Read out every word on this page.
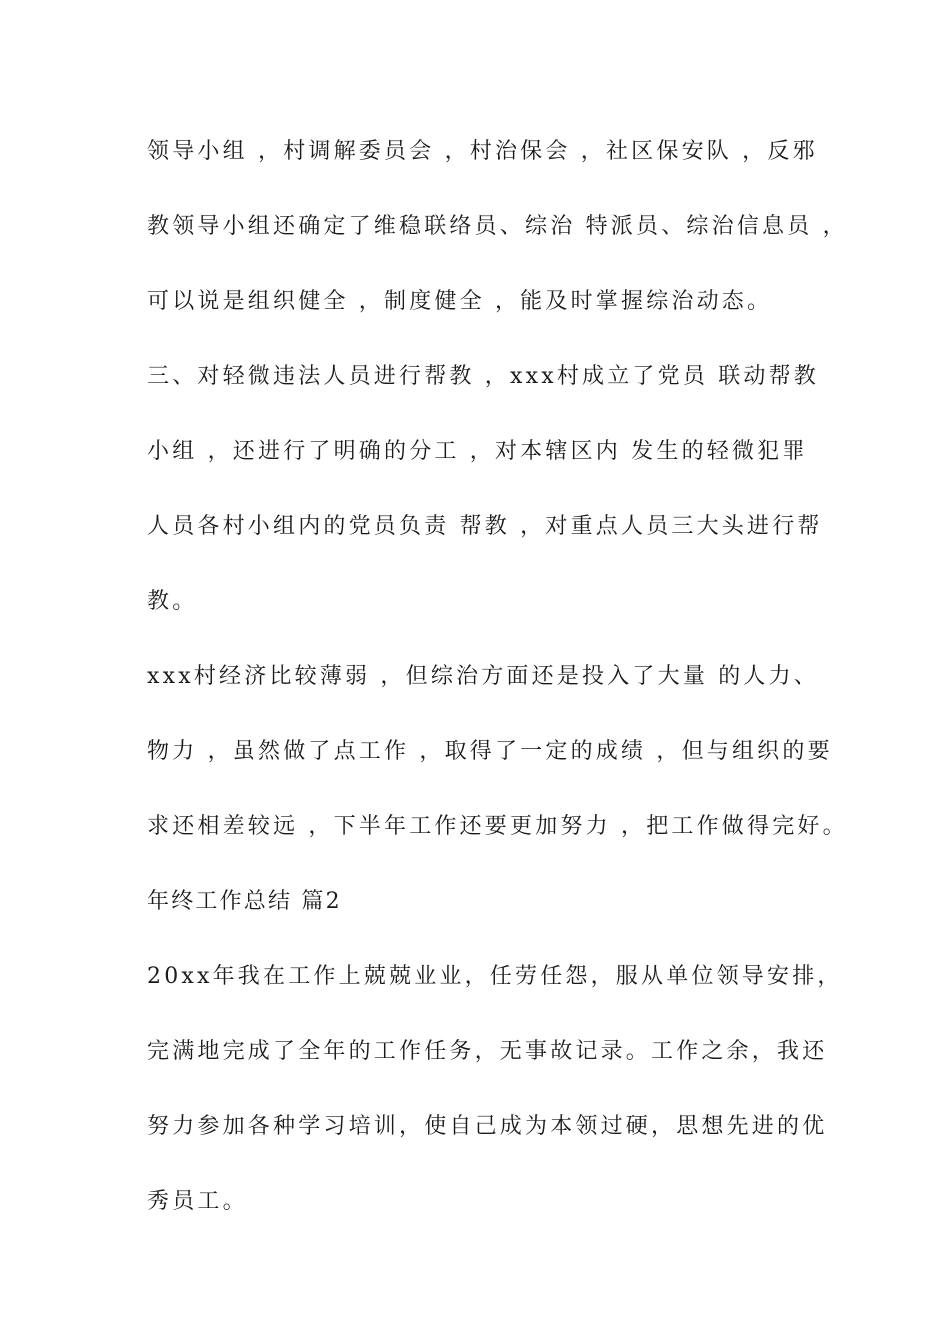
领导小组 ，村调解委员会 ，村治保会 ，社区保安队 ，反邪
教领导小组还确定了维稳联络员、综治 特派员、综治信息员 ，
可以说是组织健全 ，制度健全 ，能及时掌握综治动态。
三、对轻微违法人员进行帮教 ，xxx村成立了党员 联动帮教
小组 ，还进行了明确的分工 ，对本辖区内 发生的轻微犯罪
人员各村小组内的党员负责 帮教 ，对重点人员三大头进行帮
教。
xxx村经济比较薄弱 ，但综治方面还是投入了大量 的人力、
物力 ，虽然做了点工作 ，取得了一定的成绩 ，但与组织的要
求还相差较远 ，下半年工作还要更加努力 ，把工作做得完好。
年终工作总结 篇2
20xx年我在工作上兢兢业业，任劳任怨，服从单位领导安排，
完满地完成了全年的工作任务，无事故记录。工作之余，我还
努力参加各种学习培训，使自己成为本领过硬，思想先进的优
秀员工。
